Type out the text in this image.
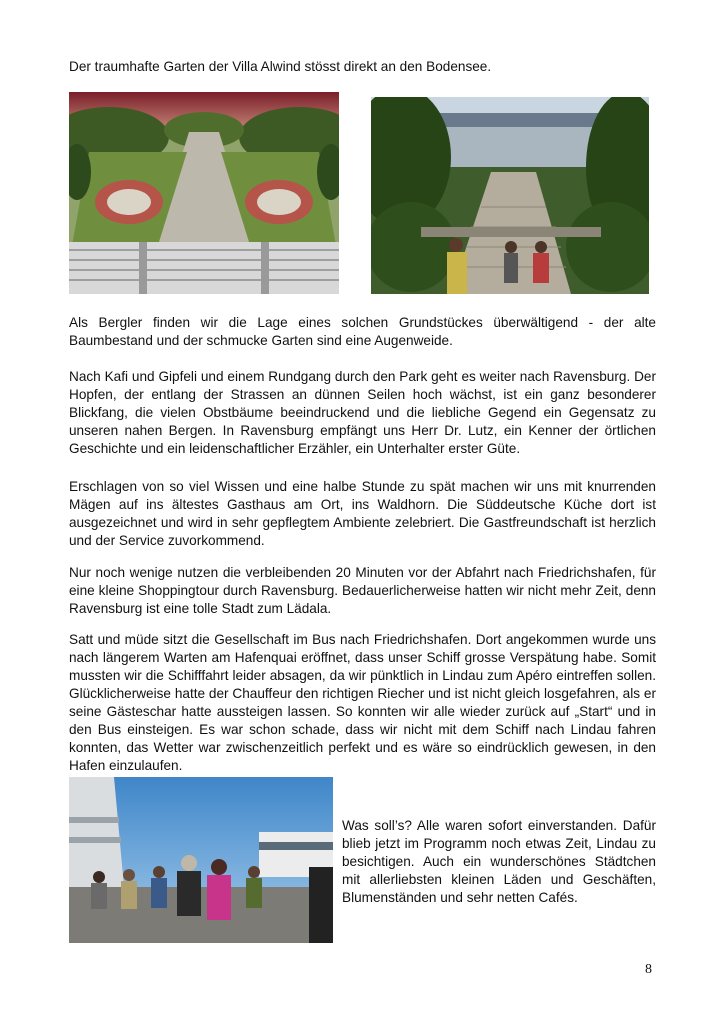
Der traumhafte Garten der Villa Alwind stösst direkt an den Bodensee.

Als Bergler finden wir die Lage eines solchen Grundstückes überwältigend - der alte Baumbestand und der schmucke Garten sind eine Augenweide.

Nach Kafi und Gipfeli und einem Rundgang durch den Park geht es weiter nach Ravensburg. Der Hopfen, der entlang der Strassen an dünnen Seilen hoch wächst, ist ein ganz besonderer Blickfang, die vielen Obstbäume beeindruckend und die liebliche Gegend ein Gegensatz zu unseren nahen Bergen. In Ravensburg empfängt uns Herr Dr. Lutz, ein Kenner der örtlichen Geschichte und ein leidenschaftlicher Erzähler, ein Unterhalter erster Güte.

Erschlagen von so viel Wissen und eine halbe Stunde zu spät machen wir uns mit knurrenden Mägen auf ins ältestes Gasthaus am Ort, ins Waldhorn. Die Süddeutsche Küche dort ist ausgezeichnet und wird in sehr gepflegtem Ambiente zelebriert. Die Gastfreundschaft ist herzlich und der Service zuvorkommend.

Nur noch wenige nutzen die verbleibenden 20 Minuten vor der Abfahrt nach Friedrichshafen, für eine kleine Shoppingtour durch Ravensburg. Bedauerlicherweise hatten wir nicht mehr Zeit, denn Ravensburg ist eine tolle Stadt zum Lädala.

Satt und müde sitzt die Gesellschaft im Bus nach Friedrichshafen. Dort angekommen wurde uns nach längerem Warten am Hafenquai eröffnet, dass unser Schiff grosse Verspätung habe. Somit mussten wir die Schifffahrt leider absagen, da wir pünktlich in Lindau zum Apéro eintreffen sollen. Glücklicherweise hatte der Chauffeur den richtigen Riecher und ist nicht gleich losgefahren, als er seine Gästeschar hatte aussteigen lassen. So konnten wir alle wieder zurück auf „Start“ und in den Bus einsteigen. Es war schon schade, dass wir nicht mit dem Schiff nach Lindau fahren konnten, das Wetter war zwischenzeitlich perfekt und es wäre so eindrücklich gewesen, in den Hafen einzulaufen.

Was soll’s? Alle waren sofort einverstanden. Dafür blieb jetzt im Programm noch etwas Zeit, Lindau zu besichtigen. Auch ein wunderschönes Städtchen mit allerliebsten kleinen Läden und Geschäften, Blumenständen und sehr netten Cafés.

8
